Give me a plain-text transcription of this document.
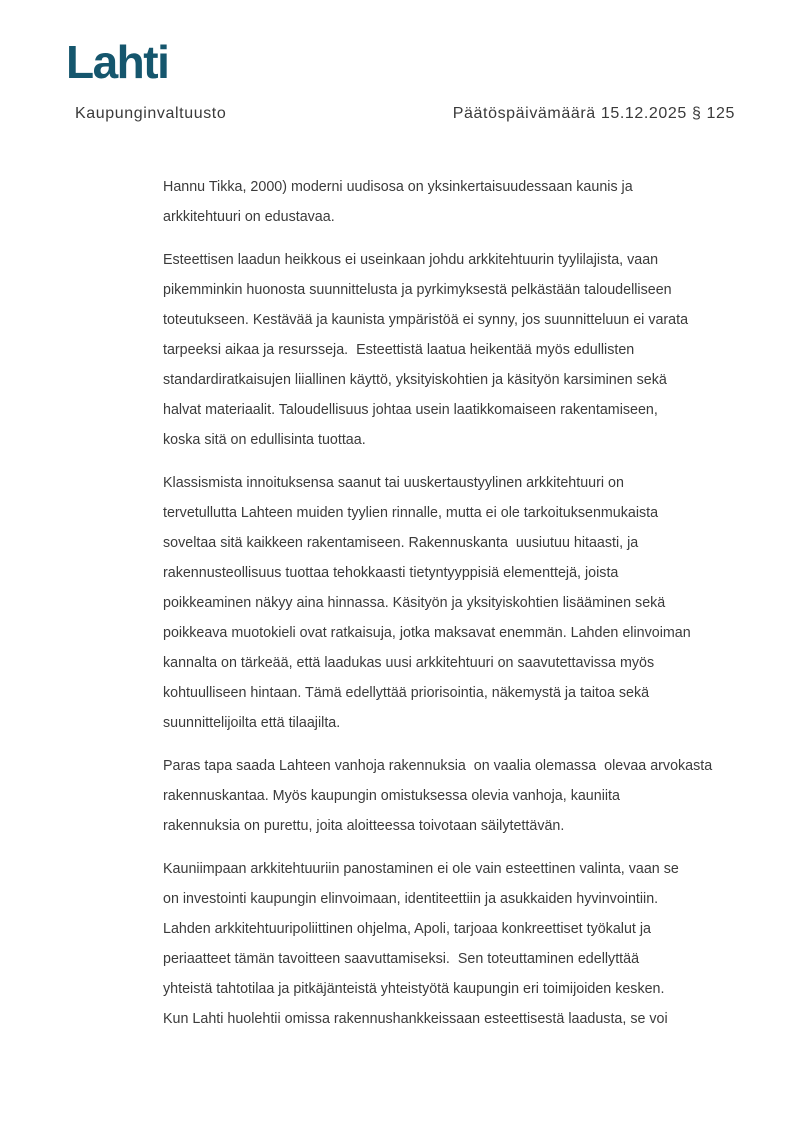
Lahti
Kaupunginvaltuusto	Päätöspäivämäärä 15.12.2025 § 125
Hannu Tikka, 2000) moderni uudisosa on yksinkertaisuudessaan kaunis ja
arkkitehtuuri on edustavaa.
Esteettisen laadun heikkous ei useinkaan johdu arkkitehtuurin tyylilajista, vaan
pikemminkin huonosta suunnittelusta ja pyrkimyksestä pelkästään taloudelliseen
toteutukseen. Kestävää ja kaunista ympäristöä ei synny, jos suunnitteluun ei varata
tarpeeksi aikaa ja resursseja.  Esteettistä laatua heikentää myös edullisten
standardiratkaisujen liiallinen käyttö, yksityiskohtien ja käsityön karsiminen sekä
halvat materiaalit. Taloudellisuus johtaa usein laatikkomaiseen rakentamiseen,
koska sitä on edullisinta tuottaa.
Klassismista innoituksensa saanut tai uuskertaustyylinen arkkitehtuuri on
tervetullutta Lahteen muiden tyylien rinnalle, mutta ei ole tarkoituksenmukaista
soveltaa sitä kaikkeen rakentamiseen. Rakennuskanta  uusiutuu hitaasti, ja
rakennusteollisuus tuottaa tehokkaasti tietyntyyppisiä elementtejä, joista
poikkeaminen näkyy aina hinnassa. Käsityön ja yksityiskohtien lisääminen sekä
poikkeava muotokieli ovat ratkaisuja, jotka maksavat enemmän. Lahden elinvoiman
kannalta on tärkeää, että laadukas uusi arkkitehtuuri on saavutettavissa myös
kohtuulliseen hintaan. Tämä edellyttää priorisointia, näkemystä ja taitoa sekä
suunnittelijoilta että tilaajilta.
Paras tapa saada Lahteen vanhoja rakennuksia  on vaalia olemassa  olevaa arvokasta
rakennuskantaa. Myös kaupungin omistuksessa olevia vanhoja, kauniita
rakennuksia on purettu, joita aloitteessa toivotaan säilytettävän.
Kauniimpaan arkkitehtuuriin panostaminen ei ole vain esteettinen valinta, vaan se
on investointi kaupungin elinvoimaan, identiteettiin ja asukkaiden hyvinvointiin.
Lahden arkkitehtuuripoliittinen ohjelma, Apoli, tarjoaa konkreettiset työkalut ja
periaatteet tämän tavoitteen saavuttamiseksi.  Sen toteuttaminen edellyttää
yhteistä tahtotilaa ja pitkäjänteistä yhteistyötä kaupungin eri toimijoiden kesken.
Kun Lahti huolehtii omissa rakennushankkeissaan esteettisestä laadusta, se voi
